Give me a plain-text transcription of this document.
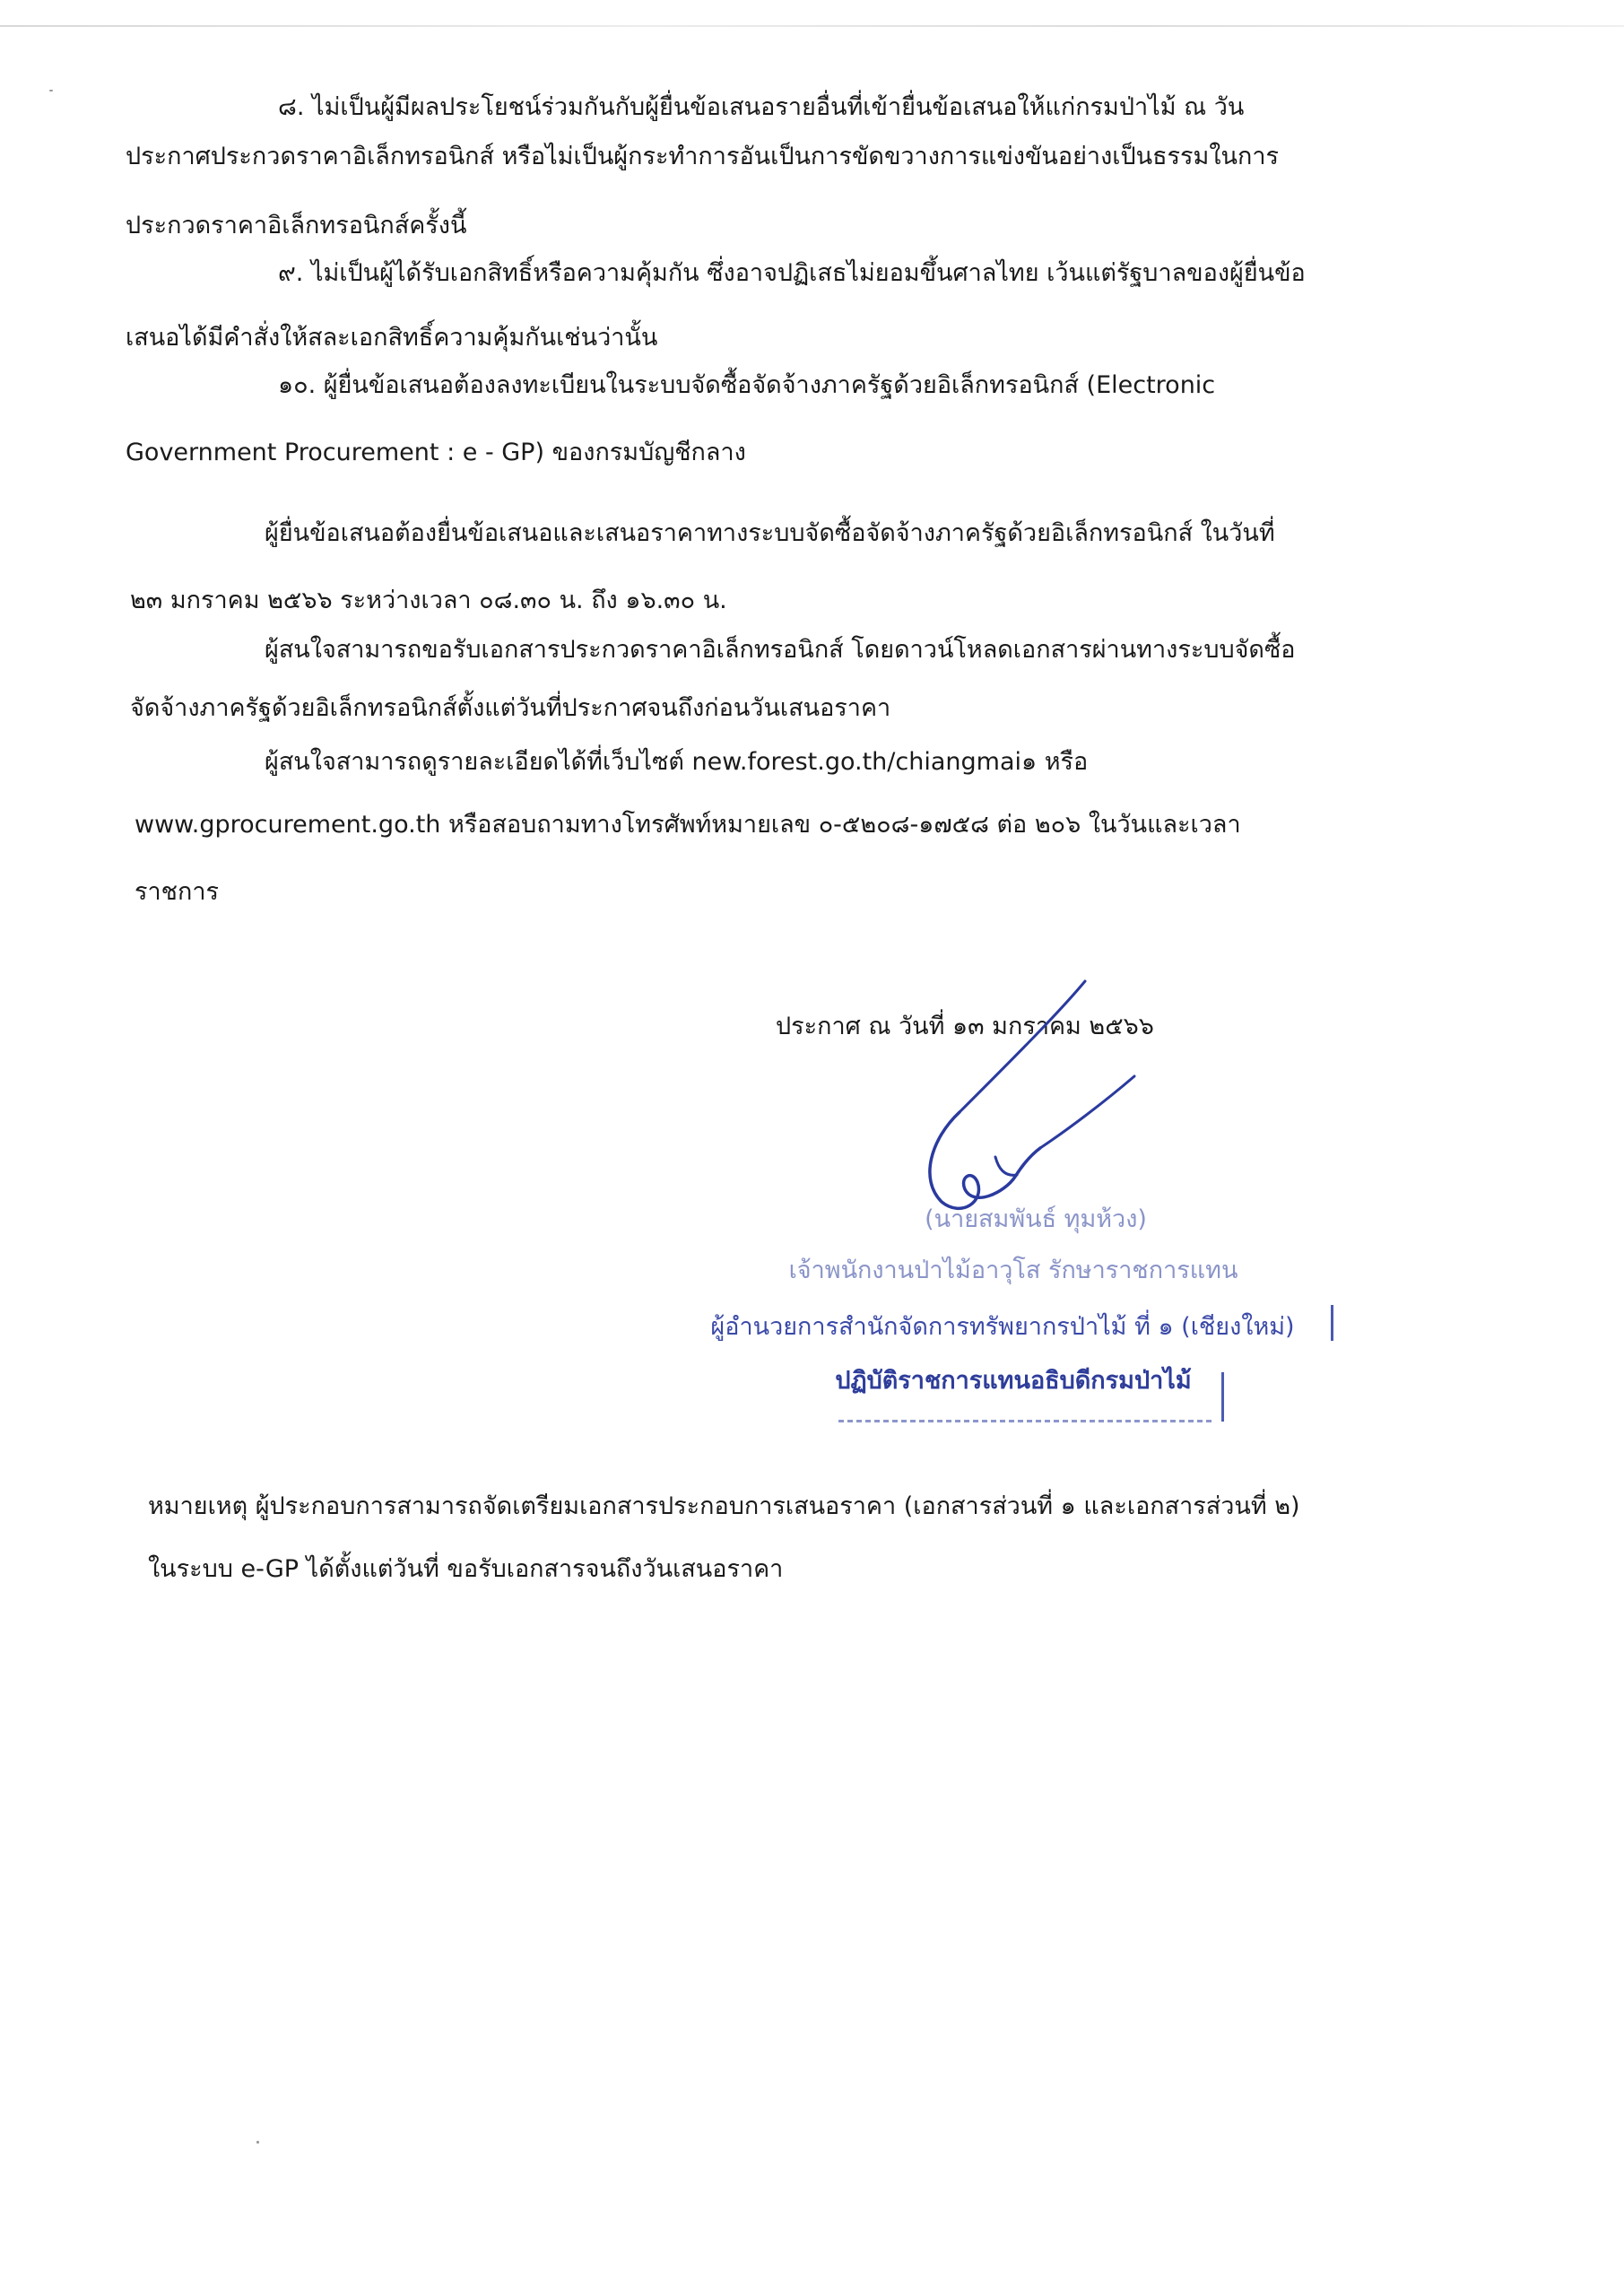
๘. ไม่เป็นผู้มีผลประโยชน์ร่วมกันกับผู้ยื่นข้อเสนอรายอื่นที่เข้ายื่นข้อเสนอให้แก่กรมป่าไม้ ณ วัน
ประกาศประกวดราคาอิเล็กทรอนิกส์ หรือไม่เป็นผู้กระทำการอันเป็นการขัดขวางการแข่งขันอย่างเป็นธรรมในการ
ประกวดราคาอิเล็กทรอนิกส์ครั้งนี้
๙. ไม่เป็นผู้ได้รับเอกสิทธิ์หรือความคุ้มกัน ซึ่งอาจปฏิเสธไม่ยอมขึ้นศาลไทย เว้นแต่รัฐบาลของผู้ยื่นข้อ
เสนอได้มีคำสั่งให้สละเอกสิทธิ์ความคุ้มกันเช่นว่านั้น
๑๐. ผู้ยื่นข้อเสนอต้องลงทะเบียนในระบบจัดซื้อจัดจ้างภาครัฐด้วยอิเล็กทรอนิกส์ (Electronic
Government Procurement : e - GP) ของกรมบัญชีกลาง
ผู้ยื่นข้อเสนอต้องยื่นข้อเสนอและเสนอราคาทางระบบจัดซื้อจัดจ้างภาครัฐด้วยอิเล็กทรอนิกส์ ในวันที่
๒๓ มกราคม ๒๕๖๖ ระหว่างเวลา ๐๘.๓๐ น. ถึง ๑๖.๓๐ น.
ผู้สนใจสามารถขอรับเอกสารประกวดราคาอิเล็กทรอนิกส์ โดยดาวน์โหลดเอกสารผ่านทางระบบจัดซื้อ
จัดจ้างภาครัฐด้วยอิเล็กทรอนิกส์ตั้งแต่วันที่ประกาศจนถึงก่อนวันเสนอราคา
ผู้สนใจสามารถดูรายละเอียดได้ที่เว็บไซต์ new.forest.go.th/chiangmai๑ หรือ
www.gprocurement.go.th หรือสอบถามทางโทรศัพท์หมายเลข ๐-๕๒๐๘-๑๗๕๘ ต่อ ๒๐๖ ในวันและเวลา
ราชการ
ประกาศ ณ วันที่ ๑๓ มกราคม ๒๕๖๖
(นายสมพันธ์ ทุมห้วง)
เจ้าพนักงานป่าไม้อาวุโส รักษาราชการแทน
ผู้อำนวยการสำนักจัดการทรัพยากรป่าไม้ ที่ ๑ (เชียงใหม่)
ปฏิบัติราชการแทนอธิบดีกรมป่าไม้
หมายเหตุ ผู้ประกอบการสามารถจัดเตรียมเอกสารประกอบการเสนอราคา (เอกสารส่วนที่ ๑ และเอกสารส่วนที่ ๒)
ในระบบ e-GP ได้ตั้งแต่วันที่ ขอรับเอกสารจนถึงวันเสนอราคา
